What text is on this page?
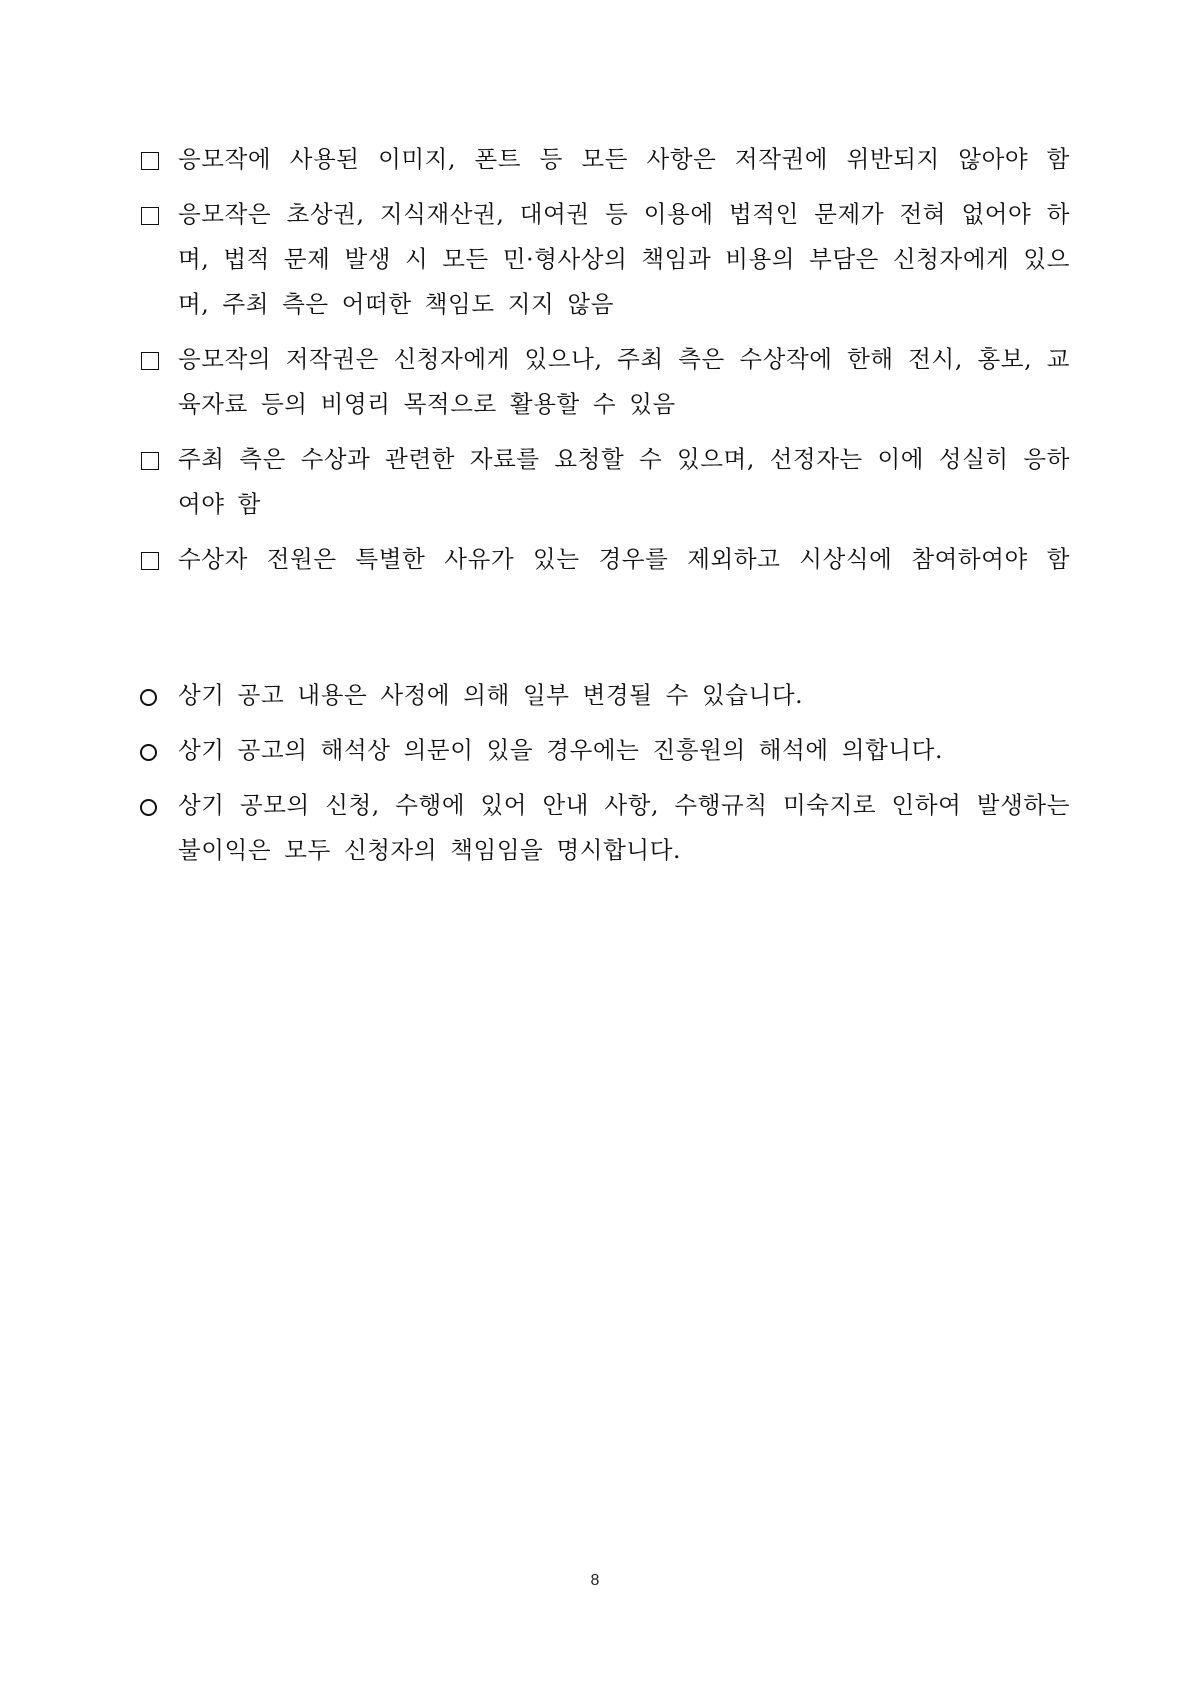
응모작에 사용된 이미지, 폰트 등 모든 사항은 저작권에 위반되지 않아야 함
응모작은 초상권, 지식재산권, 대여권 등 이용에 법적인 문제가 전혀 없어야 하며, 법적 문제 발생 시 모든 민·형사상의 책임과 비용의 부담은 신청자에게 있으며, 주최 측은 어떠한 책임도 지지 않음
응모작의 저작권은 신청자에게 있으나, 주최 측은 수상작에 한해 전시, 홍보, 교육자료 등의 비영리 목적으로 활용할 수 있음
주최 측은 수상과 관련한 자료를 요청할 수 있으며, 선정자는 이에 성실히 응하여야 함
수상자 전원은 특별한 사유가 있는 경우를 제외하고 시상식에 참여하여야 함
상기 공고 내용은 사정에 의해 일부 변경될 수 있습니다.
상기 공고의 해석상 의문이 있을 경우에는 진흥원의 해석에 의합니다.
상기 공모의 신청, 수행에 있어 안내 사항, 수행규칙 미숙지로 인하여 발생하는 불이익은 모두 신청자의 책임임을 명시합니다.
8
